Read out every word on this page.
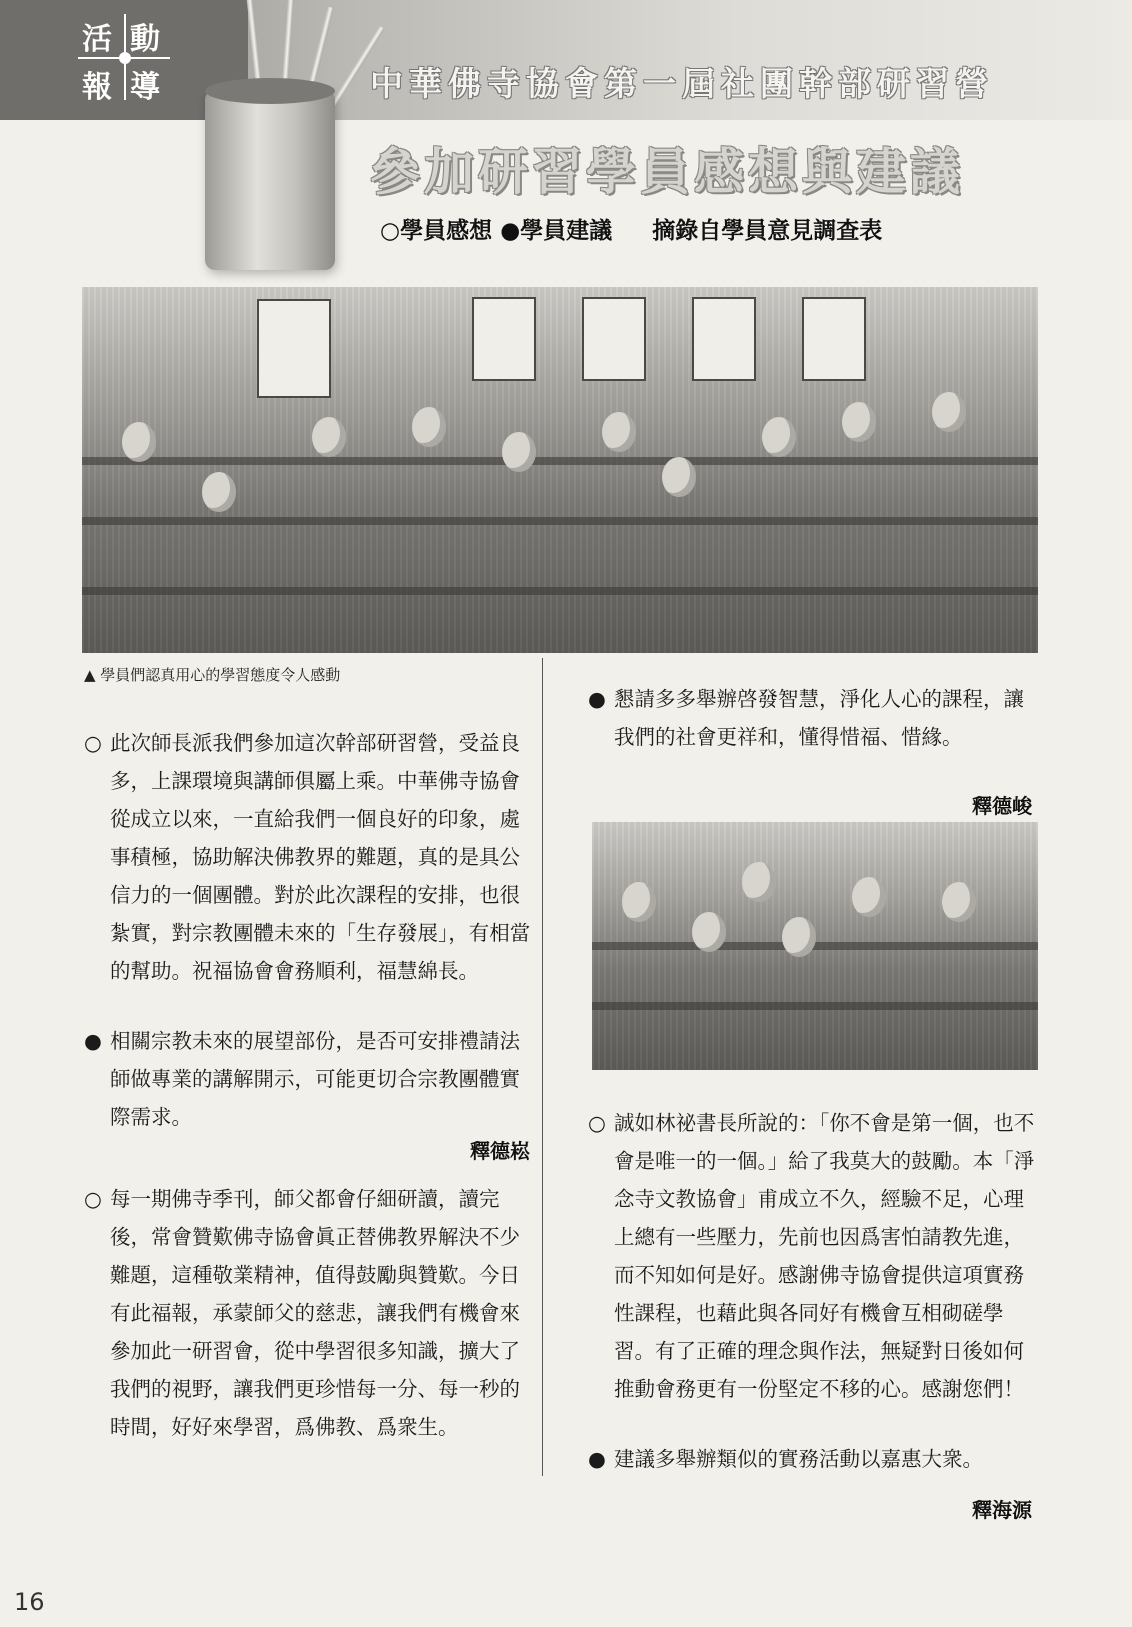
活 動
報 導	中華佛寺協會第一屆社團幹部研習營
參加研習學員感想與建議
○學員感想 ●學員建議 摘錄自學員意見調查表
▲ 學員們認真用心的學習態度令人感動
○ 此次師長派我們參加這次幹部研習營，受益良多，上課環境與講師俱屬上乘。中華佛寺協會從成立以來，一直給我們一個良好的印象，處事積極，協助解決佛教界的難題，真的是具公信力的一個團體。對於此次課程的安排，也很紮實，對宗教團體未來的「生存發展」，有相當的幫助。祝福協會會務順利，福慧綿長。
● 相關宗教未來的展望部份，是否可安排禮請法師做專業的講解開示，可能更切合宗教團體實際需求。
釋德崧
○ 每一期佛寺季刊，師父都會仔細研讀，讀完後，常會贊歎佛寺協會眞正替佛教界解決不少難題，這種敬業精神，值得鼓勵與贊歎。今日有此福報，承蒙師父的慈悲，讓我們有機會來參加此一研習會，從中學習很多知識，擴大了我們的視野，讓我們更珍惜每一分、每一秒的時間，好好來學習，爲佛教、爲衆生。
● 懇請多多舉辦啓發智慧，淨化人心的課程，讓我們的社會更祥和，懂得惜福、惜緣。
釋德峻
○ 誠如林祕書長所說的：「你不會是第一個，也不會是唯一的一個。」給了我莫大的鼓勵。本「淨念寺文教協會」甫成立不久，經驗不足，心理上總有一些壓力，先前也因爲害怕請教先進，而不知如何是好。感謝佛寺協會提供這項實務性課程，也藉此與各同好有機會互相砌磋學習。有了正確的理念與作法，無疑對日後如何推動會務更有一份堅定不移的心。感謝您們！
● 建議多舉辦類似的實務活動以嘉惠大衆。
釋海源
16
